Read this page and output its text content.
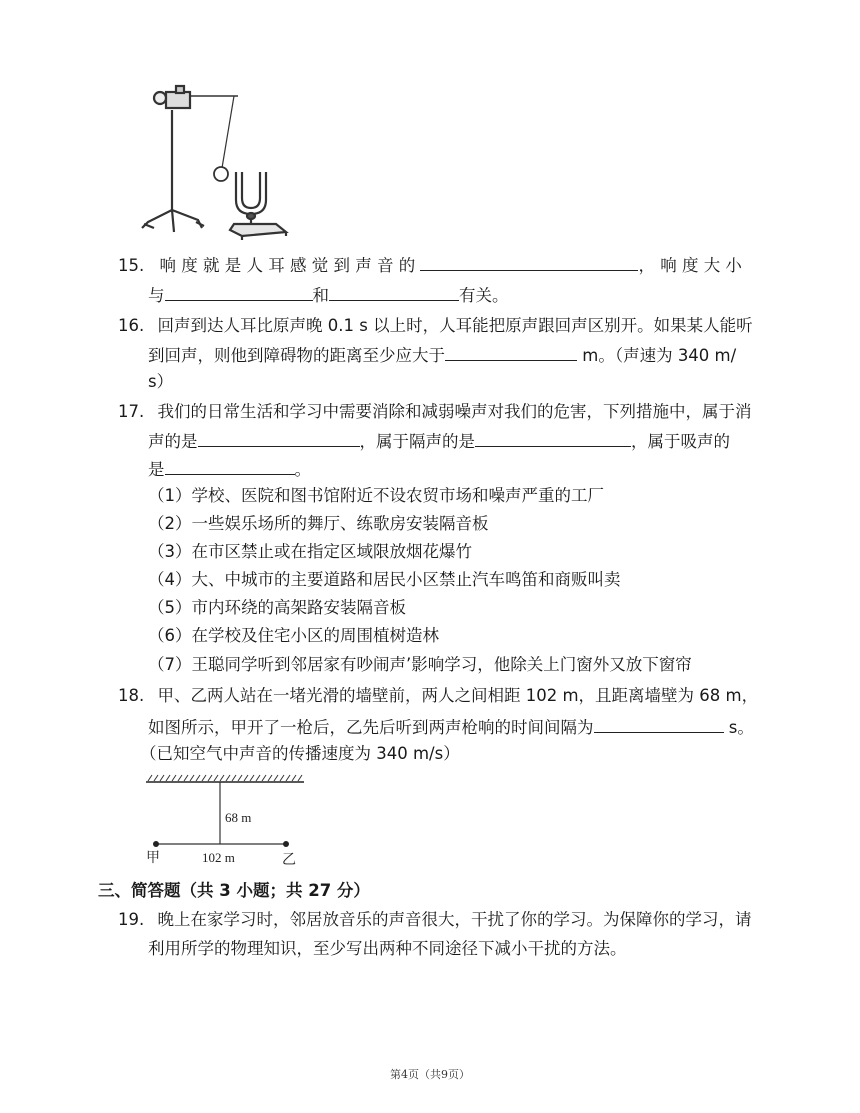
15. 响 度 就 是 人 耳 感 觉 到 声 音 的	， 响 度 大 小
与	和	有关。
16. 回声到达人耳比原声晚 0.1 s 以上时，人耳能把原声跟回声区别开。如果某人能听
到回声，则他到障碍物的距离至少应大于	m。（声速为 340 m/
s）
17. 我们的日常生活和学习中需要消除和减弱噪声对我们的危害，下列措施中，属于消
声的是	，属于隔声的是	，属于吸声的
是	。
（1）学校、医院和图书馆附近不设农贸市场和噪声严重的工厂
（2）一些娱乐场所的舞厅、练歌房安装隔音板
（3）在市区禁止或在指定区域限放烟花爆竹
（4）大、中城市的主要道路和居民小区禁止汽车鸣笛和商贩叫卖
（5）市内环绕的高架路安装隔音板
（6）在学校及住宅小区的周围植树造林
（7）王聪同学听到邻居家有吵闹声’影响学习，他除关上门窗外又放下窗帘
18. 甲、乙两人站在一堵光滑的墙壁前，两人之间相距 102 m，且距离墙壁为 68 m，
如图所示，甲开了一枪后，乙先后听到两声枪响的时间间隔为	s。
（已知空气中声音的传播速度为 340 m/s）
68 m
102 m
甲	乙
三、简答题（共 3 小题；共 27 分）
19. 晚上在家学习时，邻居放音乐的声音很大，干扰了你的学习。为保障你的学习，请
利用所学的物理知识，至少写出两种不同途径下减小干扰的方法。
第4页（共9页）
